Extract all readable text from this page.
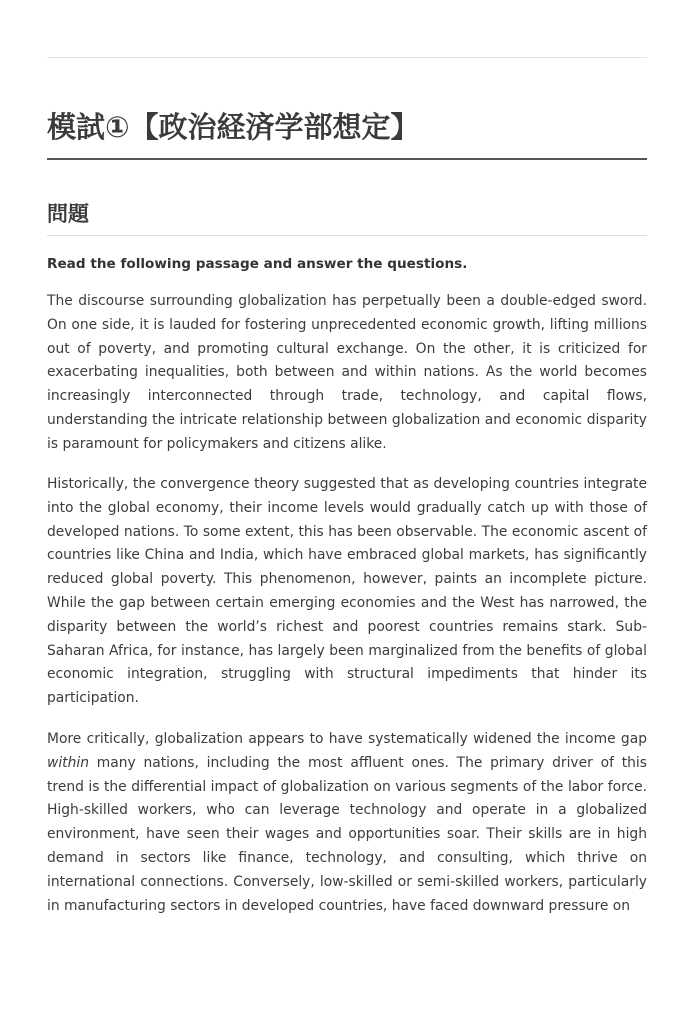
模試①【政治経済学部想定】
問題

Read the following passage and answer the questions.

The discourse surrounding globalization has perpetually been a double-edged sword. On one side, it is lauded for fostering unprecedented economic growth, lifting millions out of poverty, and promoting cultural exchange. On the other, it is criticized for exacerbating inequalities, both between and within nations. As the world becomes increasingly interconnected through trade, technology, and capital flows, understanding the intricate relationship between globalization and economic disparity is paramount for policymakers and citizens alike.

Historically, the convergence theory suggested that as developing countries integrate into the global economy, their income levels would gradually catch up with those of developed nations. To some extent, this has been observable. The economic ascent of countries like China and India, which have embraced global markets, has significantly reduced global poverty. This phenomenon, however, paints an incomplete picture. While the gap between certain emerging economies and the West has narrowed, the disparity between the world’s richest and poorest countries remains stark. Sub-Saharan Africa, for instance, has largely been marginalized from the benefits of global economic integration, struggling with structural impediments that hinder its participation.

More critically, globalization appears to have systematically widened the income gap within many nations, including the most affluent ones. The primary driver of this trend is the differential impact of globalization on various segments of the labor force. High-skilled workers, who can leverage technology and operate in a globalized environment, have seen their wages and opportunities soar. Their skills are in high demand in sectors like finance, technology, and consulting, which thrive on international connections. Conversely, low-skilled or semi-skilled workers, particularly in manufacturing sectors in developed countries, have faced downward pressure on
